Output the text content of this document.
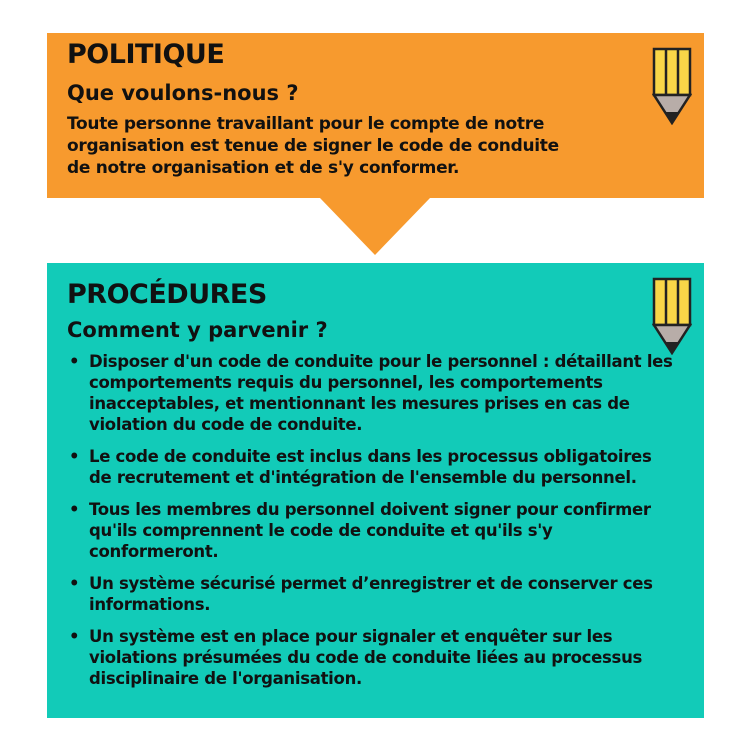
POLITIQUE
Que voulons-nous ?
Toute personne travaillant pour le compte de notre
organisation est tenue de signer le code de conduite
de notre organisation et de s'y conformer.
PROCÉDURES
Comment y parvenir ?
• Disposer d'un code de conduite pour le personnel : détaillant les comportements requis du personnel, les comportements inacceptables, et mentionnant les mesures prises en cas de violation du code de conduite.
• Le code de conduite est inclus dans les processus obligatoires de recrutement et d'intégration de l'ensemble du personnel.
• Tous les membres du personnel doivent signer pour confirmer qu'ils comprennent le code de conduite et qu'ils s'y conformeront.
• Un système sécurisé permet d’enregistrer et de conserver ces informations.
• Un système est en place pour signaler et enquêter sur les violations présumées du code de conduite liées au processus disciplinaire de l'organisation.
